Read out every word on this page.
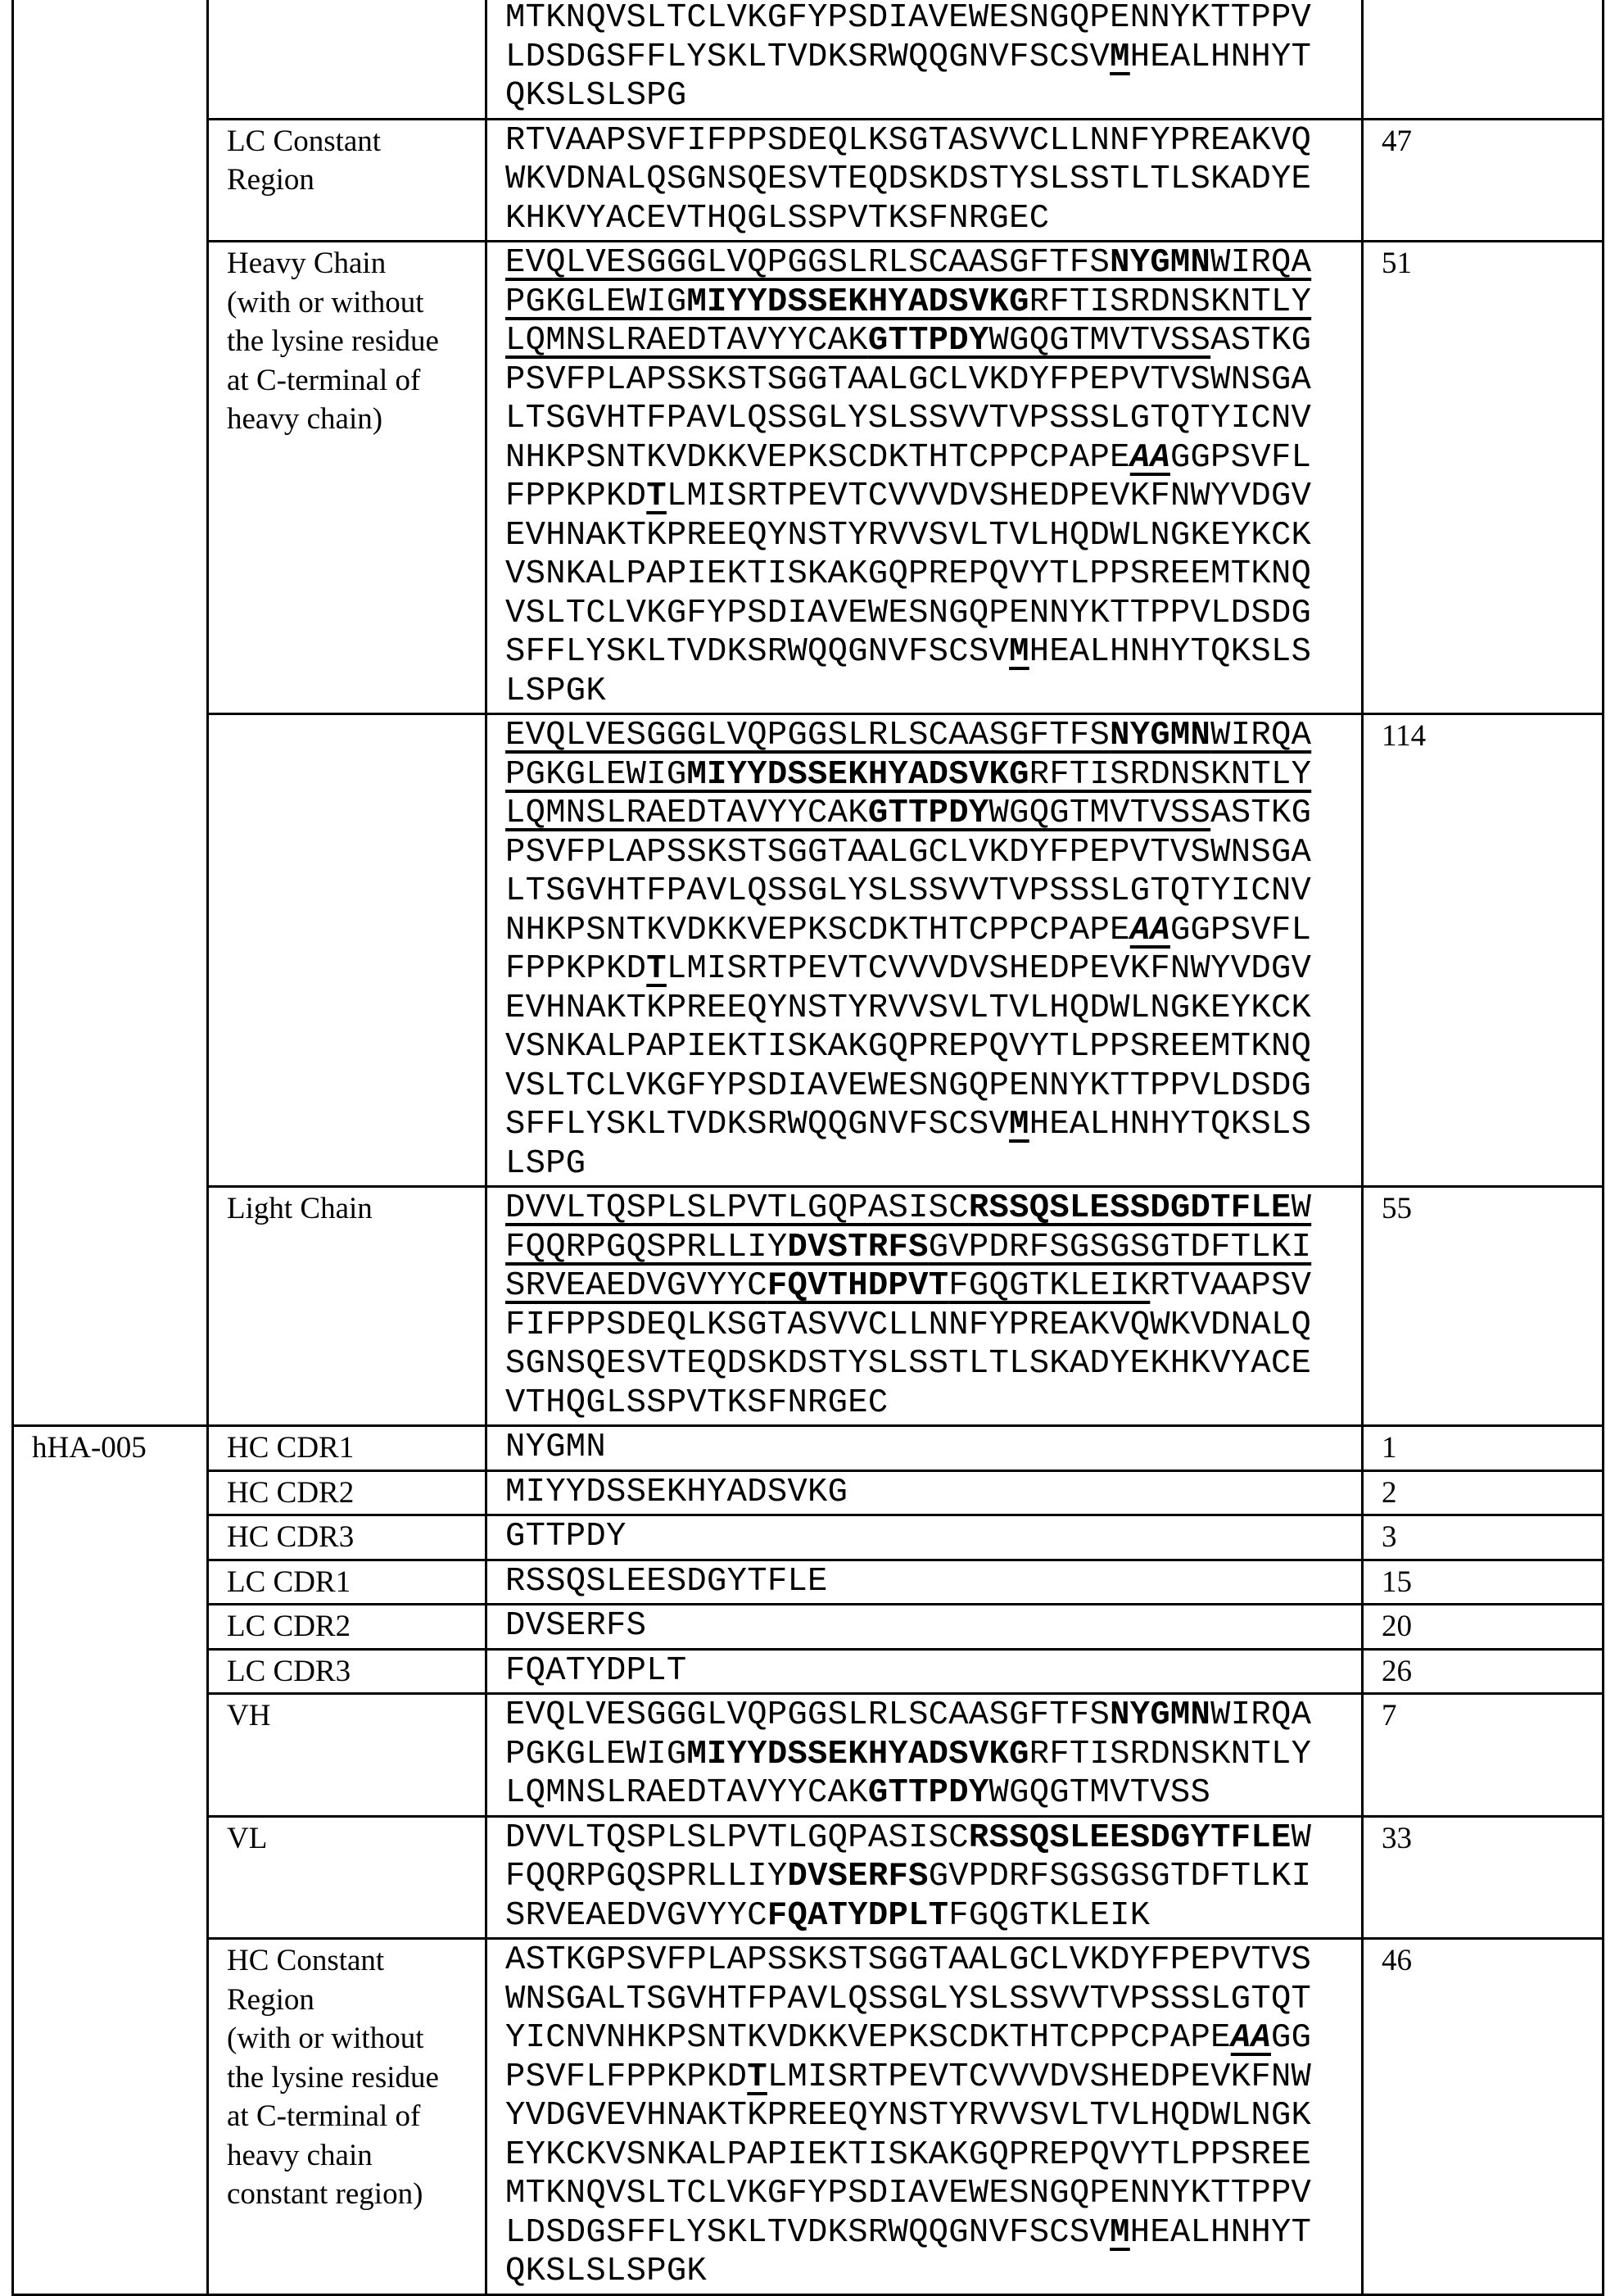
MTKNQVSLTCLVKGFYPSDIAVEWESNGQPENNYKTTPPV
LDSDGSFFLYSKLTVDKSRWQQGNVFSCSVMHEALHNHYT
QKSLSLSPG

LC Constant
Region	
RTVAAPSVFIFPPSDEQLKSGTASVVCLLNNFYPREAKVQ
WKVDNALQSGNSQESVTEQDSKDSTYSLSSTLTLSKADYE
KHKVYACEVTHQGLSSPVTKSFNRGEC
	47
Heavy Chain
(with or without
the lysine residue
at C-terminal of
heavy chain)	
EVQLVESGGGLVQPGGSLRLSCAASGFTFSNYGMNWIRQA
PGKGLEWIGMIYYDSSEKHYADSVKGRFTISRDNSKNTLY
LQMNSLRAEDTAVYYCAKGTTPDYWGQGTMVTVSSASTKG
PSVFPLAPSSKSTSGGTAALGCLVKDYFPEPVTVSWNSGA
LTSGVHTFPAVLQSSGLYSLSSVVTVPSSSLGTQTYICNV
NHKPSNTKVDKKVEPKSCDKTHTCPPCPAPEAAGGPSVFL
FPPKPKDTLMISRTPEVTCVVVDVSHEDPEVKFNWYVDGV
EVHNAKTKPREEQYNSTYRVVSVLTVLHQDWLNGKEYKCK
VSNKALPAPIEKTISKAKGQPREPQVYTLPPSREEMTKNQ
VSLTCLVKGFYPSDIAVEWESNGQPENNYKTTPPVLDSDG
SFFLYSKLTVDKSRWQQGNVFSCSVMHEALHNHYTQKSLS
LSPGK
	51

EVQLVESGGGLVQPGGSLRLSCAASGFTFSNYGMNWIRQA
PGKGLEWIGMIYYDSSEKHYADSVKGRFTISRDNSKNTLY
LQMNSLRAEDTAVYYCAKGTTPDYWGQGTMVTVSSASTKG
PSVFPLAPSSKSTSGGTAALGCLVKDYFPEPVTVSWNSGA
LTSGVHTFPAVLQSSGLYSLSSVVTVPSSSLGTQTYICNV
NHKPSNTKVDKKVEPKSCDKTHTCPPCPAPEAAGGPSVFL
FPPKPKDTLMISRTPEVTCVVVDVSHEDPEVKFNWYVDGV
EVHNAKTKPREEQYNSTYRVVSVLTVLHQDWLNGKEYKCK
VSNKALPAPIEKTISKAKGQPREPQVYTLPPSREEMTKNQ
VSLTCLVKGFYPSDIAVEWESNGQPENNYKTTPPVLDSDG
SFFLYSKLTVDKSRWQQGNVFSCSVMHEALHNHYTQKSLS
LSPG
	114
Light Chain	DVVLTQSPLSLPVTLGQPASISCRSSQSLESSDGDTFLEW
FQQRPGQSPRLLIYDVSTRFSGVPDRFSGSGSGTDFTLKI
SRVEAEDVGVYYCFQVTHDPVTFGQGTKLEIKRTVAAPSV
FIFPPSDEQLKSGTASVVCLLNNFYPREAKVQWKVDNALQ
SGNSQESVTEQDSKDSTYSLSSTLTLSKADYEKHKVYACE
VTHQGLSSPVTKSFNRGEC
	55
hHA-005	HC CDR1	NYGMN	1
HC CDR2	MIYYDSSEKHYADSVKG	2
HC CDR3	GTTPDY	3
LC CDR1	RSSQSLEESDGYTFLE	15
LC CDR2	DVSERFS	20
LC CDR3	FQATYDPLT	26
VH	EVQLVESGGGLVQPGGSLRLSCAASGFTFSNYGMNWIRQA
PGKGLEWIGMIYYDSSEKHYADSVKGRFTISRDNSKNTLY
LQMNSLRAEDTAVYYCAKGTTPDYWGQGTMVTVSS
	7
VL	DVVLTQSPLSLPVTLGQPASISCRSSQSLEESDGYTFLEW
FQQRPGQSPRLLIYDVSERFSGVPDRFSGSGSGTDFTLKI
SRVEAEDVGVYYCFQATYDPLTFGQGTKLEIK
	33
HC Constant
Region
(with or without
the lysine residue
at C-terminal of
heavy chain
constant region)	
ASTKGPSVFPLAPSSKSTSGGTAALGCLVKDYFPEPVTVS
WNSGALTSGVHTFPAVLQSSGLYSLSSVVTVPSSSLGTQT
YICNVNHKPSNTKVDKKVEPKSCDKTHTCPPCPAPEAAGG
PSVFLFPPKPKDTLMISRTPEVTCVVVDVSHEDPEVKFNW
YVDGVEVHNAKTKPREEQYNSTYRVVSVLTVLHQDWLNGK
EYKCKVSNKALPAPIEKTISKAKGQPREPQVYTLPPSREE
MTKNQVSLTCLVKGFYPSDIAVEWESNGQPENNYKTTPPV
LDSDGSFFLYSKLTVDKSRWQQGNVFSCSVMHEALHNHYT
QKSLSLSPGK
	46
